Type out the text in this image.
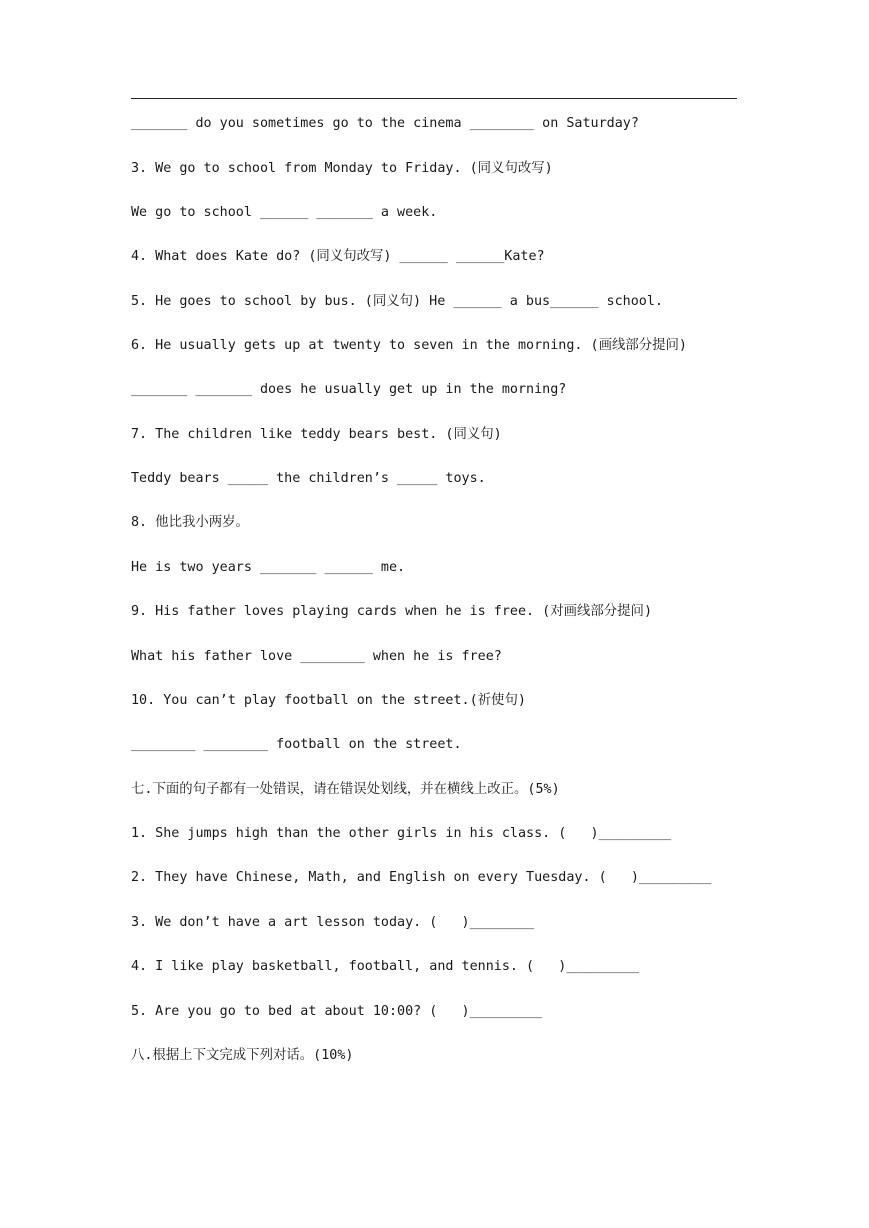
_______ do you sometimes go to the cinema ________ on Saturday?
3. We go to school from Monday to Friday. (同义句改写)
We go to school ______ _______ a week.
4. What does Kate do? (同义句改写) ______ ______Kate?
5. He goes to school by bus. (同义句) He ______ a bus______ school.
6. He usually gets up at twenty to seven in the morning. (画线部分提问)
_______ _______ does he usually get up in the morning?
7. The children like teddy bears best. (同义句)
Teddy bears _____ the children’s _____ toys.
8. 他比我小两岁。
He is two years _______ ______ me.
9. His father loves playing cards when he is free. (对画线部分提问)
What his father love ________ when he is free?
10. You can’t play football on the street.(祈使句)
________ ________ football on the street.
七.下面的句子都有一处错误，请在错误处划线，并在横线上改正。(5%)
1. She jumps high than the other girls in his class. (   )_________
2. They have Chinese, Math, and English on every Tuesday. (   )_________
3. We don’t have a art lesson today. (   )________
4. I like play basketball, football, and tennis. (   )_________
5. Are you go to bed at about 10:00? (   )_________
八.根据上下文完成下列对话。(10%)
